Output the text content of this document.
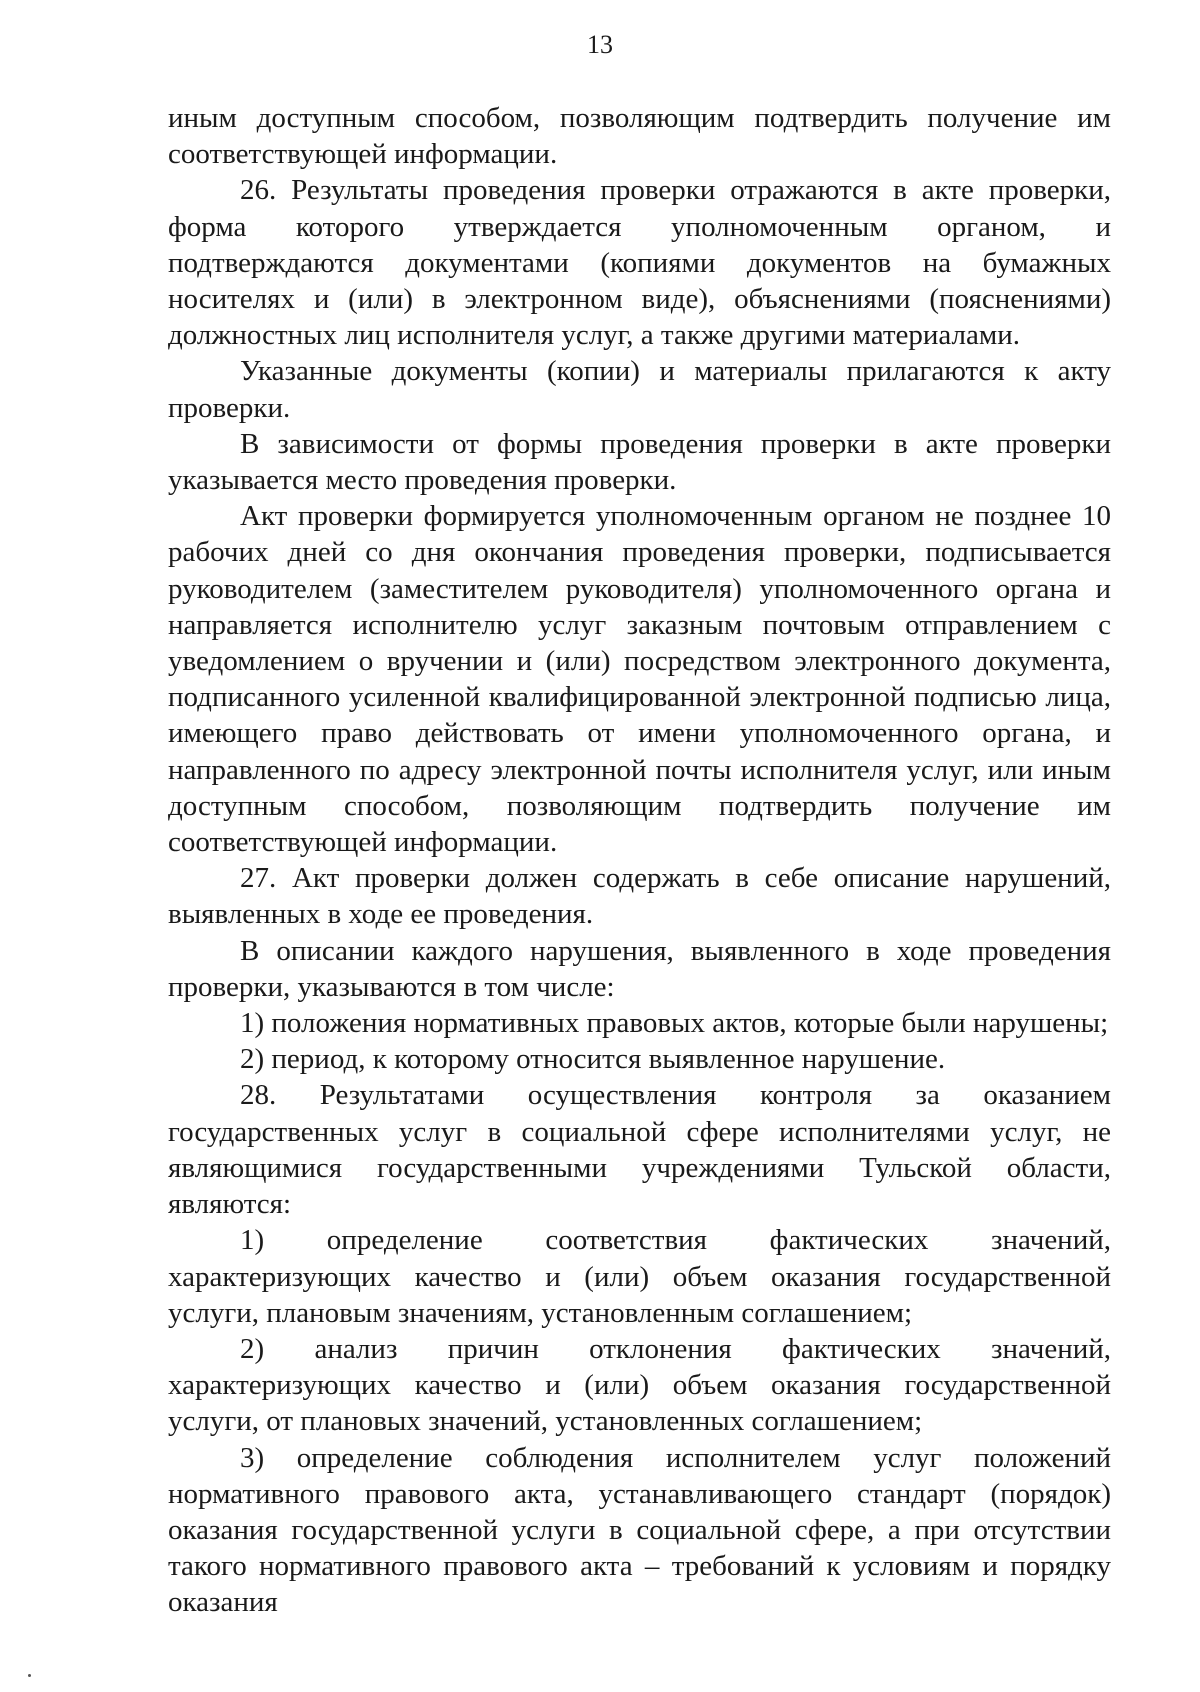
13

иным доступным способом, позволяющим подтвердить получение им соответствующей информации.

26. Результаты проведения проверки отражаются в акте проверки, форма которого утверждается уполномоченным органом, и подтверждаются документами (копиями документов на бумажных носителях и (или) в электронном виде), объяснениями (пояснениями) должностных лиц исполнителя услуг, а также другими материалами.

Указанные документы (копии) и материалы прилагаются к акту проверки.

В зависимости от формы проведения проверки в акте проверки указывается место проведения проверки.

Акт проверки формируется уполномоченным органом не позднее 10 рабочих дней со дня окончания проведения проверки, подписывается руководителем (заместителем руководителя) уполномоченного органа и направляется исполнителю услуг заказным почтовым отправлением с уведомлением о вручении и (или) посредством электронного документа, подписанного усиленной квалифицированной электронной подписью лица, имеющего право действовать от имени уполномоченного органа, и направленного по адресу электронной почты исполнителя услуг, или иным доступным способом, позволяющим подтвердить получение им соответствующей информации.

27. Акт проверки должен содержать в себе описание нарушений, выявленных в ходе ее проведения.

В описании каждого нарушения, выявленного в ходе проведения проверки, указываются в том числе:

1) положения нормативных правовых актов, которые были нарушены;

2) период, к которому относится выявленное нарушение.

28. Результатами осуществления контроля за оказанием государственных услуг в социальной сфере исполнителями услуг, не являющимися государственными учреждениями Тульской области, являются:

1) определение соответствия фактических значений, характеризующих качество и (или) объем оказания государственной услуги, плановым значениям, установленным соглашением;

2) анализ причин отклонения фактических значений, характеризующих качество и (или) объем оказания государственной услуги, от плановых значений, установленных соглашением;

3) определение соблюдения исполнителем услуг положений нормативного правового акта, устанавливающего стандарт (порядок) оказания государственной услуги в социальной сфере, а при отсутствии такого нормативного правового акта – требований к условиям и порядку оказания
